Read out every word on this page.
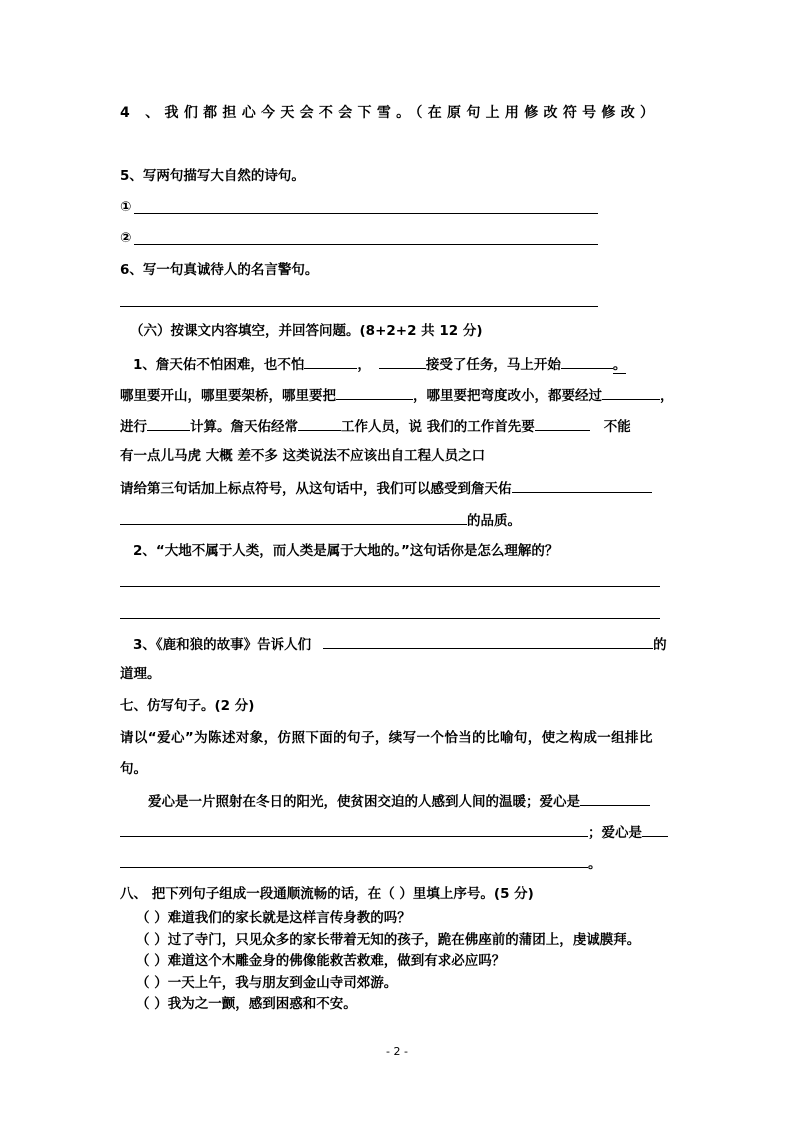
4 、我们都担心今天会不会下雪。（在原句上用修改符号修改）
5、写两句描写大自然的诗句。
①
②
6、写一句真诚待人的名言警句。
（六）按课文内容填空，并回答问题。(8+2+2 共 12 分)
1、詹天佑不怕困难，也不怕	，	接受了任务，马上开始	。
哪里要开山，哪里要架桥，哪里要把	，哪里要把弯度改小，都要经过	，
进行	计算。詹天佑经常	工作人员，说 我们的工作首先要	不能
有一点儿马虎 大概 差不多 这类说法不应该出自工程人员之口
请给第三句话加上标点符号，从这句话中，我们可以感受到詹天佑
的品质。
2、“大地不属于人类，而人类是属于大地的。”这句话你是怎么理解的？
3、《鹿和狼的故事》告诉人们	的
道理。
七、仿写句子。(2 分)
请以“爱心”为陈述对象，仿照下面的句子，续写一个恰当的比喻句，使之构成一组排比
句。
爱心是一片照射在冬日的阳光，使贫困交迫的人感到人间的温暖；爱心是
；爱心是
。
八、 把下列句子组成一段通顺流畅的话，在（ ）里填上序号。(5 分)
（ ）难道我们的家长就是这样言传身教的吗？
（ ）过了寺门，只见众多的家长带着无知的孩子，跪在佛座前的蒲团上，虔诚膜拜。
（ ）难道这个木雕金身的佛像能救苦救难，做到有求必应吗？
（ ）一天上午，我与朋友到金山寺司郊游。
（ ）我为之一颤，感到困惑和不安。
- 2 -
